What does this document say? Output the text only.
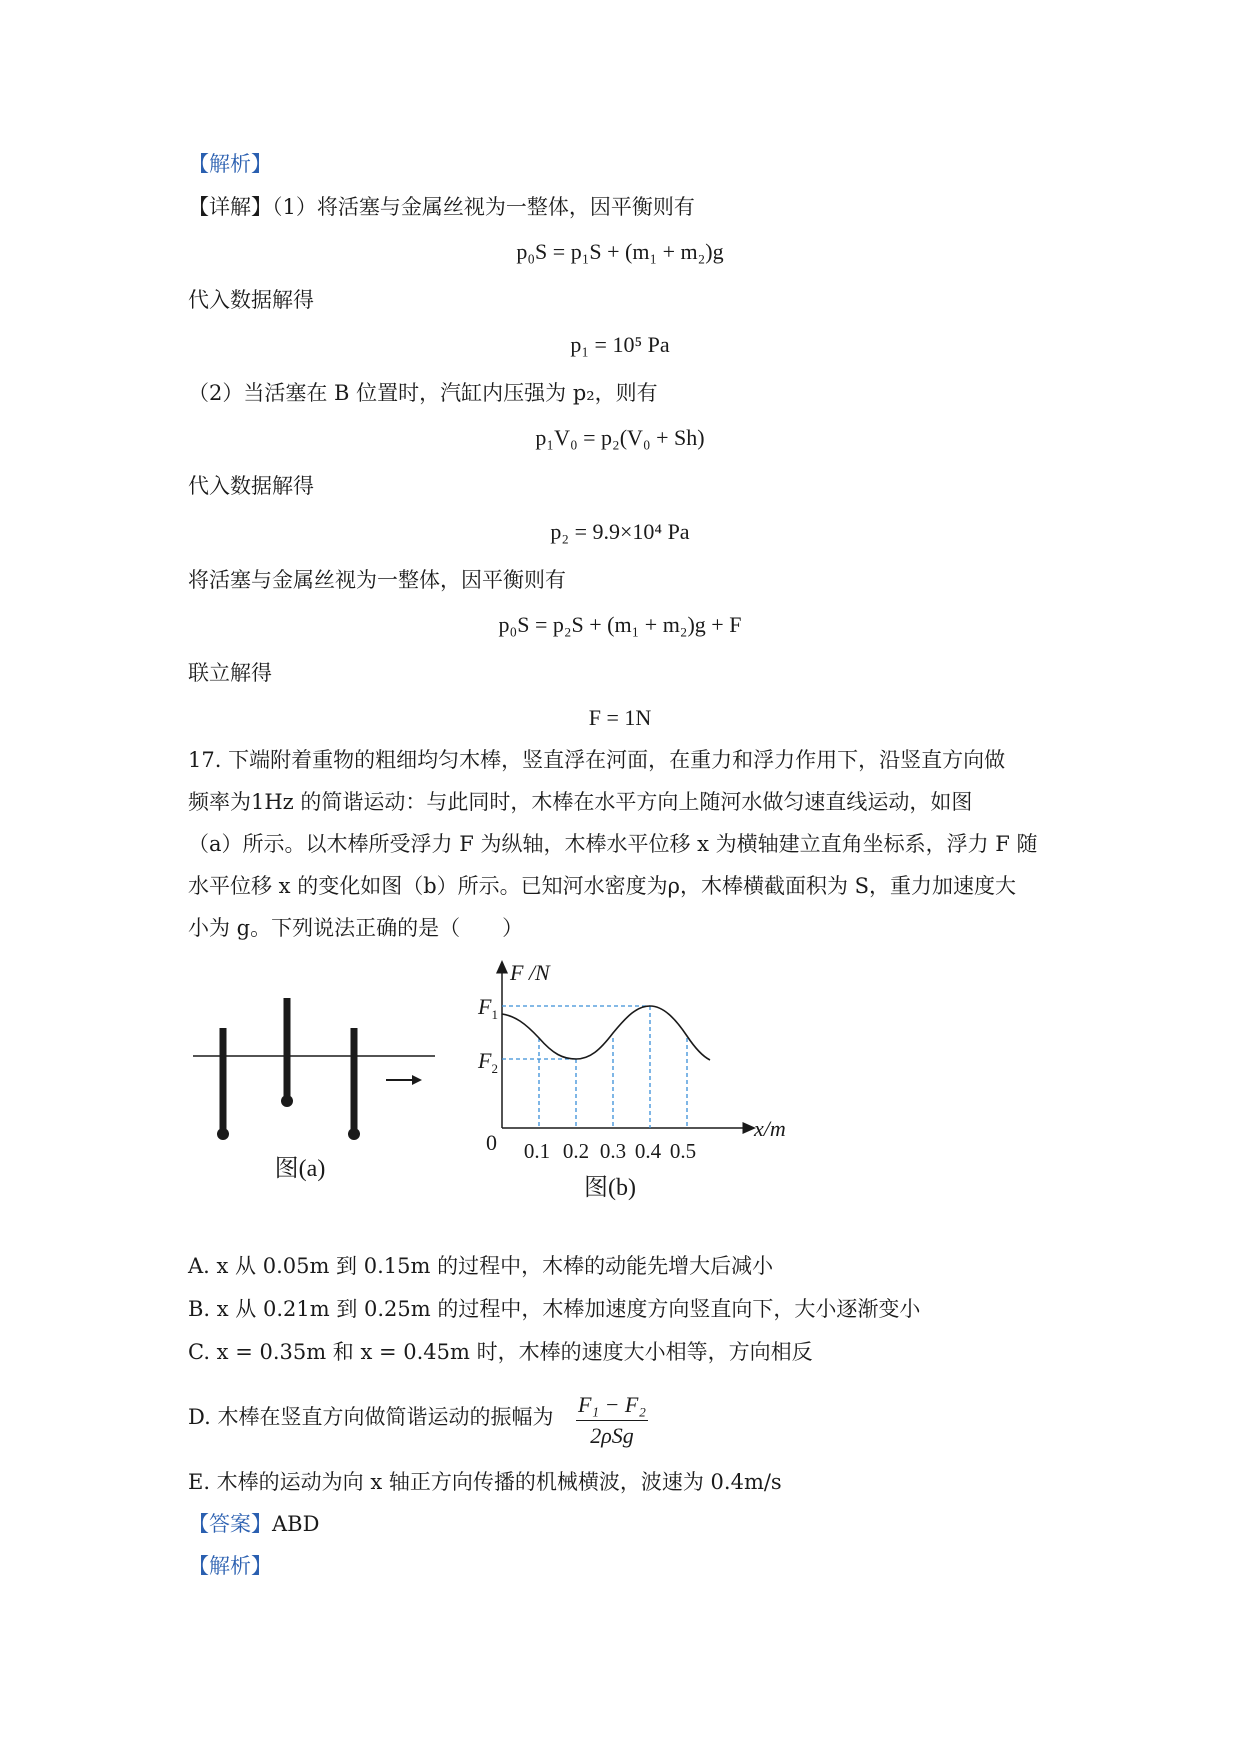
【解析】
【详解】（1）将活塞与金属丝视为一整体，因平衡则有
p₀S = p₁S + (m₁ + m₂)g
代入数据解得
p₁ = 10⁵ Pa
（2）当活塞在 B 位置时，汽缸内压强为 p₂，则有
p₁V₀ = p₂(V₀ + Sh)
代入数据解得
p₂ = 9.9×10⁴ Pa
将活塞与金属丝视为一整体，因平衡则有
p₀S = p₂S + (m₁ + m₂)g + F
联立解得
F = 1N
17. 下端附着重物的粗细均匀木棒，竖直浮在河面，在重力和浮力作用下，沿竖直方向做
频率为1Hz 的简谐运动：与此同时，木棒在水平方向上随河水做匀速直线运动，如图
（a）所示。以木棒所受浮力 F 为纵轴，木棒水平位移 x 为横轴建立直角坐标系，浮力 F 随
水平位移 x 的变化如图（b）所示。已知河水密度为ρ，木棒横截面积为 S，重力加速度大
小为 g。下列说法正确的是（　　）
图(a)
F /N
x/m
0
$F_1$
$F_2$
0.1 0.2 0.3 0.4 0.5
图(b)
A. x 从 0.05m 到 0.15m 的过程中，木棒的动能先增大后减小
B. x 从 0.21m 到 0.25m 的过程中，木棒加速度方向竖直向下，大小逐渐变小
C. x = 0.35m 和 x = 0.45m 时，木棒的速度大小相等，方向相反
D. 木棒在竖直方向做简谐运动的振幅为 F₁ − F₂
2ρSg
E. 木棒的运动为向 x 轴正方向传播的机械横波，波速为 0.4m/s
【答案】ABD
【解析】
